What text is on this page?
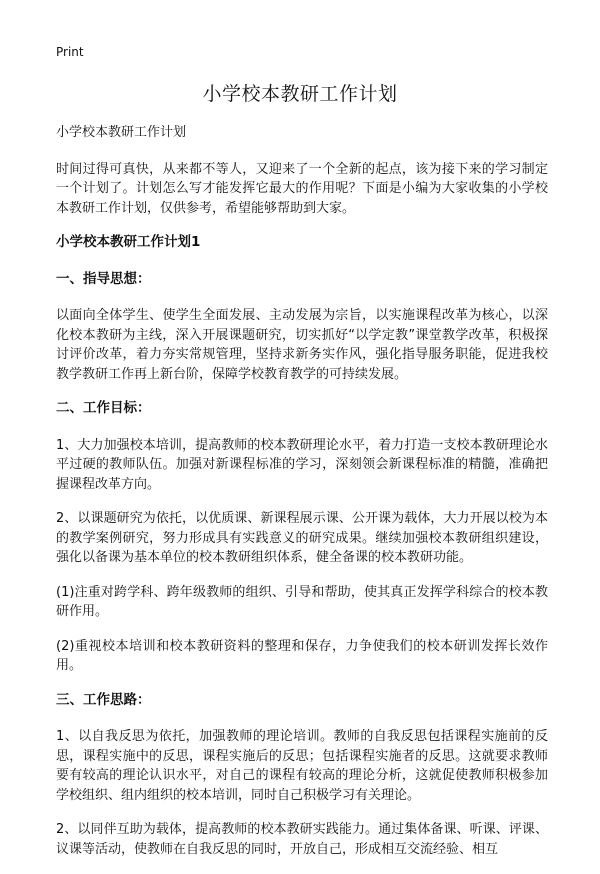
Print
小学校本教研工作计划

小学校本教研工作计划

时间过得可真快，从来都不等人，又迎来了一个全新的起点，该为接下来的学习制定一个计划了。计划怎么写才能发挥它最大的作用呢？下面是小编为大家收集的小学校本教研工作计划，仅供参考，希望能够帮助到大家。

小学校本教研工作计划1
一、指导思想：

以面向全体学生、使学生全面发展、主动发展为宗旨，以实施课程改革为核心，以深化校本教研为主线，深入开展课题研究，切实抓好“以学定教”课堂教学改革，积极探讨评价改革，着力夯实常规管理，坚持求新务实作风，强化指导服务职能，促进我校教学教研工作再上新台阶，保障学校教育教学的可持续发展。

二、工作目标：

1、大力加强校本培训，提高教师的校本教研理论水平，着力打造一支校本教研理论水平过硬的教师队伍。加强对新课程标准的学习，深刻领会新课程标准的精髓，准确把握课程改革方向。

2、以课题研究为依托，以优质课、新课程展示课、公开课为载体，大力开展以校为本的教学案例研究，努力形成具有实践意义的研究成果。继续加强校本教研组织建设，强化以备课为基本单位的校本教研组织体系，健全备课的校本教研功能。

(1)注重对跨学科、跨年级教师的组织、引导和帮助，使其真正发挥学科综合的校本教研作用。

(2)重视校本培训和校本教研资料的整理和保存，力争使我们的校本研训发挥长效作用。

三、工作思路：

1、以自我反思为依托，加强教师的理论培训。教师的自我反思包括课程实施前的反思，课程实施中的反思，课程实施后的反思；包括课程实施者的反思。这就要求教师要有较高的理论认识水平，对自己的课程有较高的理论分析，这就促使教师积极参加学校组织、组内组织的校本培训，同时自己积极学习有关理论。

2、以同伴互助为载体，提高教师的校本教研实践能力。通过集体备课、听课、评课、议课等活动，使教师在自我反思的同时，开放自己，形成相互交流经验、相互
